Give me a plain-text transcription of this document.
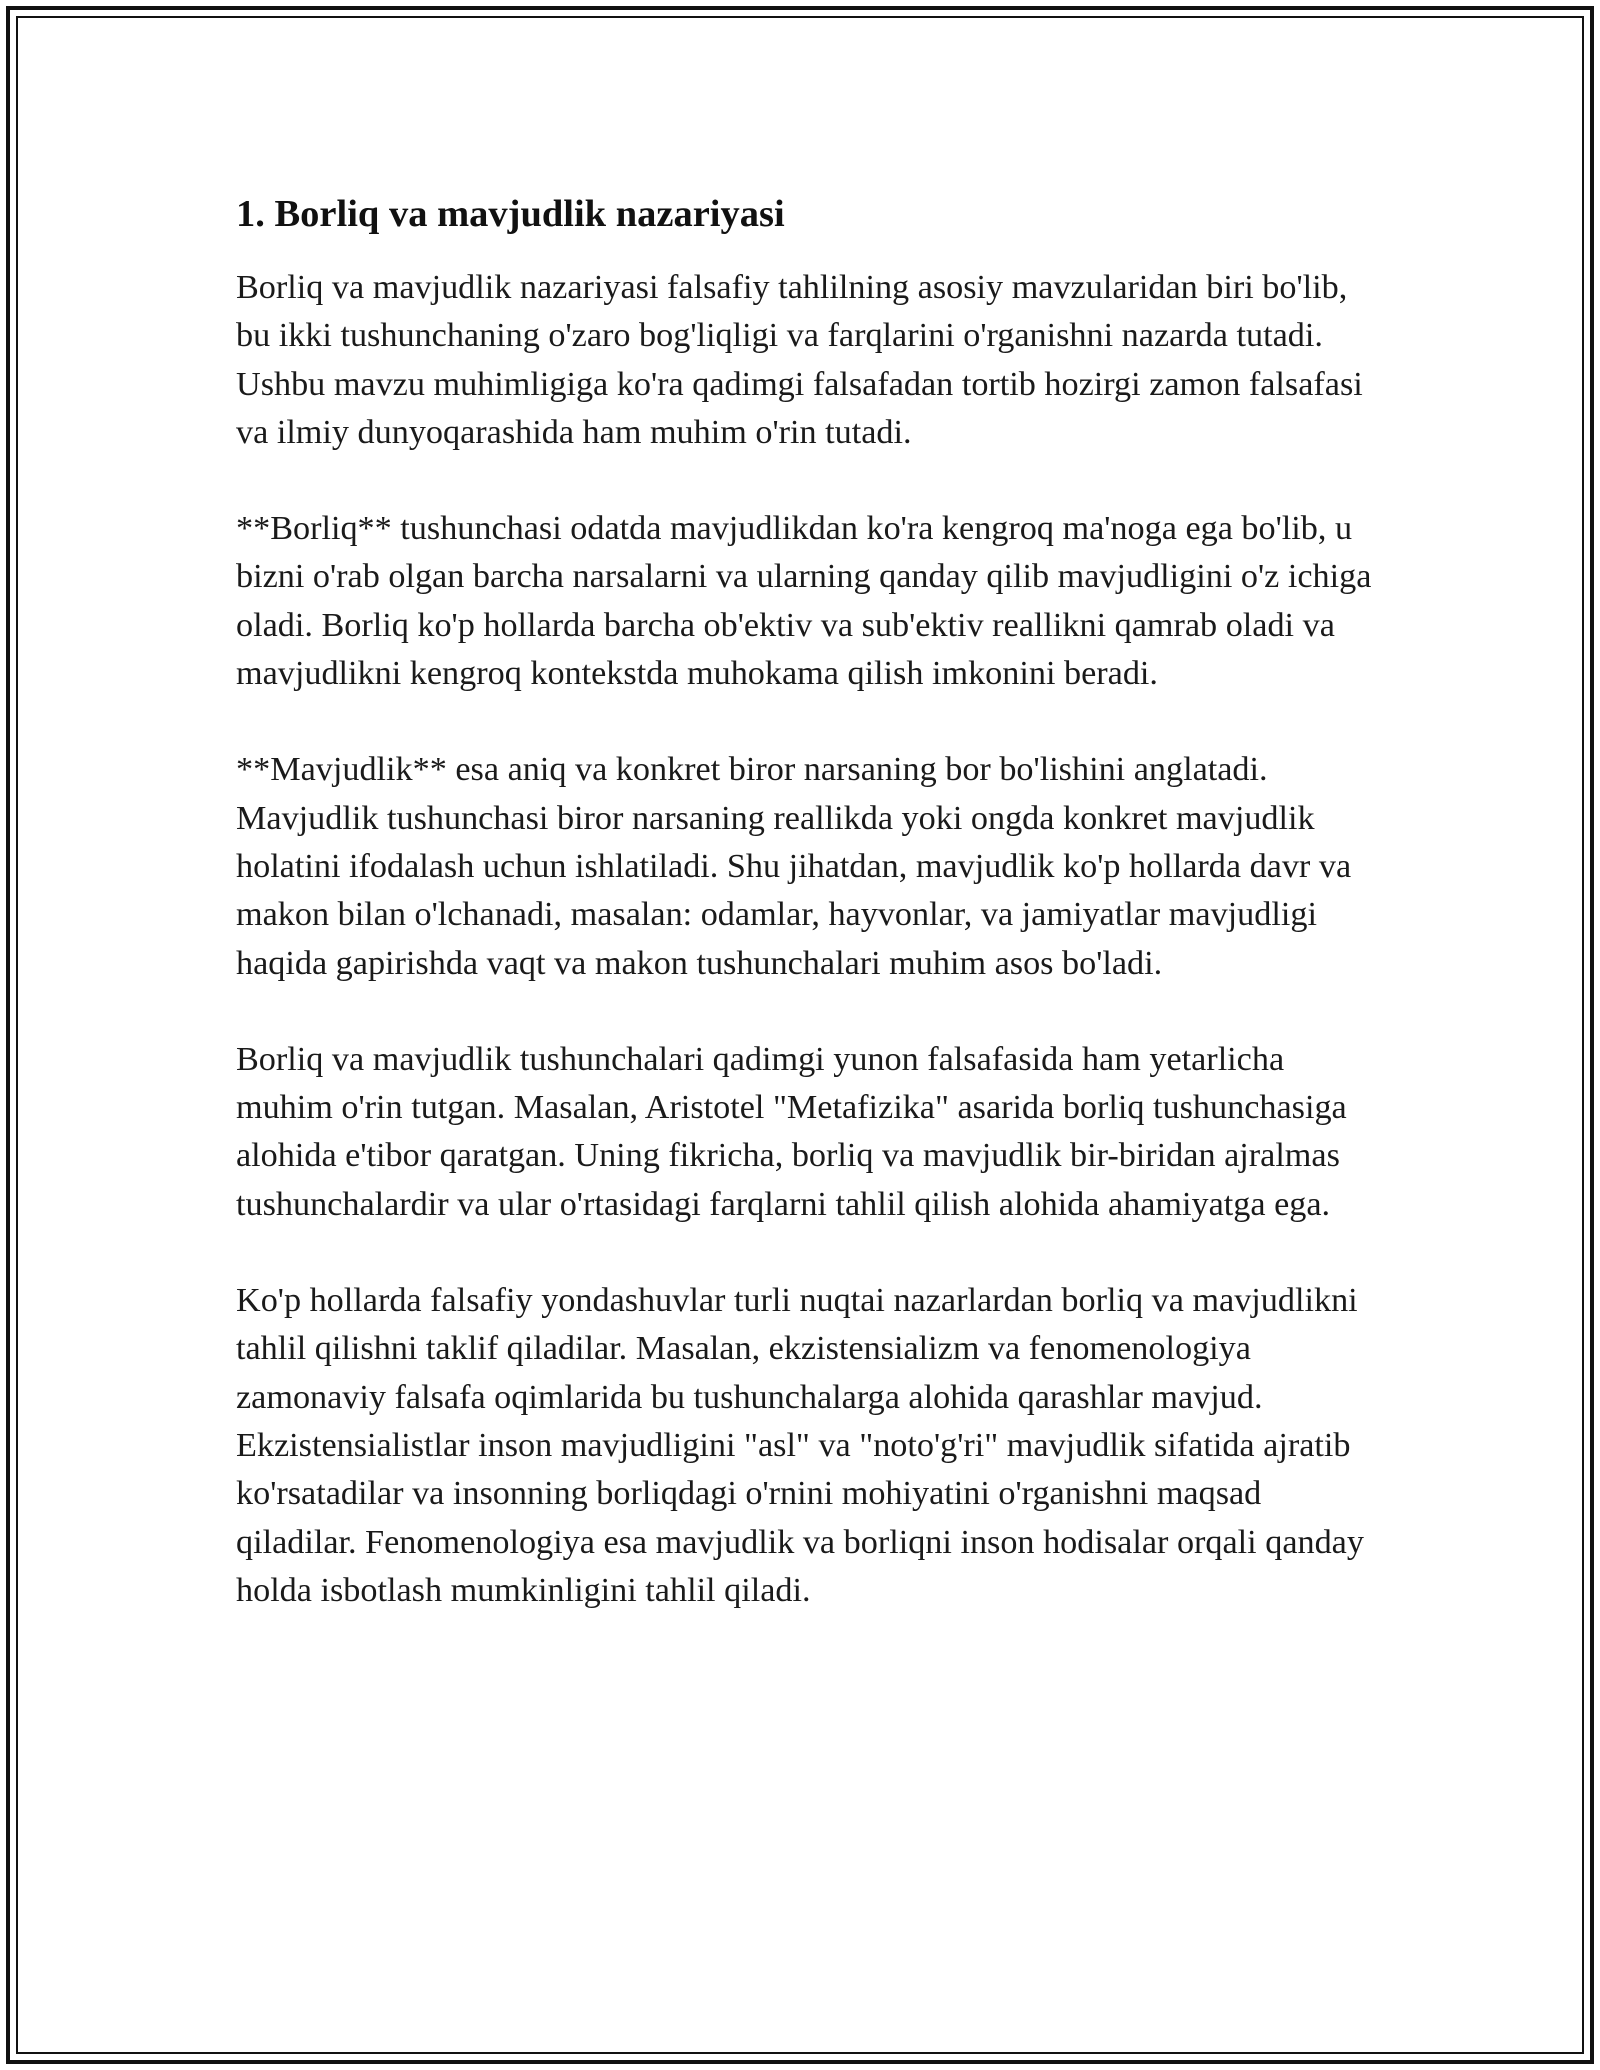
1. Borliq va mavjudlik nazariyasi

Borliq va mavjudlik nazariyasi falsafiy tahlilning asosiy mavzularidan biri bo'lib, bu ikki tushunchaning o'zaro bog'liqligi va farqlarini o'rganishni nazarda tutadi. Ushbu mavzu muhimligiga ko'ra qadimgi falsafadan tortib hozirgi zamon falsafasi va ilmiy dunyoqarashida ham muhim o'rin tutadi.

**Borliq** tushunchasi odatda mavjudlikdan ko'ra kengroq ma'noga ega bo'lib, u bizni o'rab olgan barcha narsalarni va ularning qanday qilib mavjudligini o'z ichiga oladi. Borliq ko'p hollarda barcha ob'ektiv va sub'ektiv reallikni qamrab oladi va mavjudlikni kengroq kontekstda muhokama qilish imkonini beradi.

**Mavjudlik** esa aniq va konkret biror narsaning bor bo'lishini anglatadi. Mavjudlik tushunchasi biror narsaning reallikda yoki ongda konkret mavjudlik holatini ifodalash uchun ishlatiladi. Shu jihatdan, mavjudlik ko'p hollarda davr va makon bilan o'lchanadi, masalan: odamlar, hayvonlar, va jamiyatlar mavjudligi haqida gapirishda vaqt va makon tushunchalari muhim asos bo'ladi.

Borliq va mavjudlik tushunchalari qadimgi yunon falsafasida ham yetarlicha muhim o'rin tutgan. Masalan, Aristotel "Metafizika" asarida borliq tushunchasiga alohida e'tibor qaratgan. Uning fikricha, borliq va mavjudlik bir-biridan ajralmas tushunchalardir va ular o'rtasidagi farqlarni tahlil qilish alohida ahamiyatga ega.

Ko'p hollarda falsafiy yondashuvlar turli nuqtai nazarlardan borliq va mavjudlikni tahlil qilishni taklif qiladilar. Masalan, ekzistensializm va fenomenologiya zamonaviy falsafa oqimlarida bu tushunchalarga alohida qarashlar mavjud. Ekzistensialistlar inson mavjudligini "asl" va "noto'g'ri" mavjudlik sifatida ajratib ko'rsatadilar va insonning borliqdagi o'rnini mohiyatini o'rganishni maqsad qiladilar. Fenomenologiya esa mavjudlik va borliqni inson hodisalar orqali qanday holda isbotlash mumkinligini tahlil qiladi.
